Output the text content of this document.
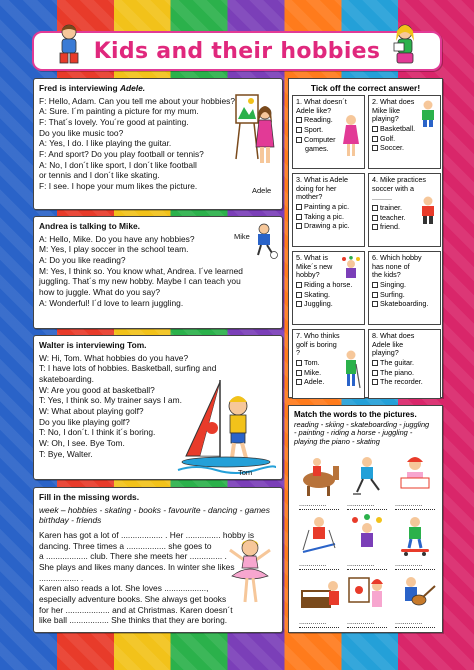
Kids and their hobbies
Fred is interviewing Adele.
F: Hello, Adam. Can you tell me about your hobbies?
A: Sure. I´m painting a picture for my mum.
F: That´s lovely. You´re good at painting.
Do you like music too?
A: Yes, I do. I like playing the guitar.
F: And sport? Do you play football or tennis?
A: No, I don´t like sport, I don´t like football
or tennis and I don´t like skating.
F: I see. I hope your mum likes the picture.	Adele
Andrea is talking to Mike.
A: Hello, Mike. Do you have any hobbies?
M: Yes, I play soccer in the school team.
A: Do you like reading?
M: Yes, I think so. You know what, Andrea. I´ve learned
juggling. That´s my new hobby. Maybe I can teach you
how to juggle. What do you say?
A: Wonderful! I´d love to learn juggling.
Mike
Walter is interviewing Tom.
W: Hi, Tom. What hobbies do you have?
T: I have lots of hobbies. Basketball, surfing and
skateboarding.
W: Are you good at basketball?
T: Yes, I think so. My trainer says I am.
W: What about playing golf?
Do you like playing golf?
T: No, I don´t. I think it´s boring.
W: Oh, I see. Bye Tom.
T: Bye, Walter.
Tom
Fill in the missing words.
week – hobbies - skating - books - favourite - dancing - games
birthday - friends
Karen has got a lot of .................. . Her ............... hobby is
dancing. Three times a ................. she goes to
a .................. club. There she meets her .............. .
She plays and likes many dances. In winter she likes
................. .
Karen also reads a lot. She loves ..................,
especially adventure books. She always get books
for her ................... and at Christmas. Karen doesn´t
like ball ................. She thinks that they are boring.
Tick off the correct answer!
1. What doesn´t
Adele like?
Reading.
Sport.
Computer
games.
2. What does
Mike like
playing?
Basketball.
Golf.
Soccer.
3. What is Adele
doing for her
mother?
Painting a pic.
Taking a pic.
Drawing a pic.
4. Mike practices
soccer with a
..........
trainer.
teacher.
friend.
5. What is
Mike´s new
hobby?
Riding a horse.
Skating.
Juggling.
6. Which hobby
has none of
the kids?
Singing.
Surfing.
Skateboarding.
7. Who thinks
golf is boring
?
Tom.
Mike.
Adele.
8. What does
Adele like
playing?
The guitar.
The piano.
The recorder.
Match the words to the pictures.
reading - skiing - skateboarding - juggling
- painting - riding a horse - juggling -
playing the piano - skating
..............	..............	..............
..............	..............	..............
..............	..............	..............
